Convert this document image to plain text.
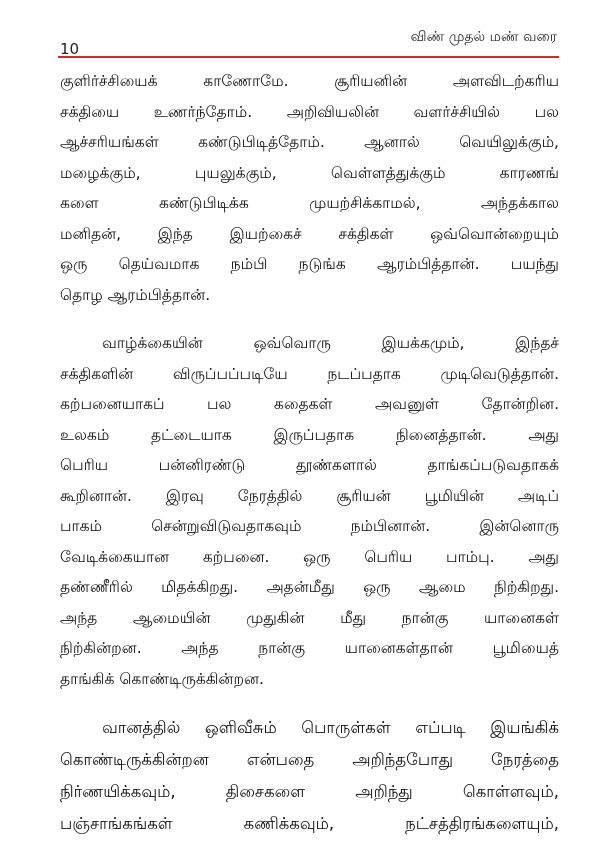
10
விண் முதல் மண் வரை
குளிர்ச்சியைக் காணோமே. சூரியனின் அளவிடற்கரிய
சக்தியை உணர்ந்தோம். அறிவியலின் வளர்ச்சியில் பல
ஆச்சரியங்கள் கண்டுபிடித்தோம். ஆனால் வெயிலுக்கும்,
மழைக்கும், புயலுக்கும், வெள்ளத்துக்கும் காரணங்
களை கண்டுபிடிக்க முயற்சிக்காமல், அந்தக்கால
மனிதன், இந்த இயற்கைச் சக்திகள் ஒவ்வொன்றையும்
ஒரு தெய்வமாக நம்பி நடுங்க ஆரம்பித்தான். பயந்து
தொழ ஆரம்பித்தான்.
வாழ்க்கையின் ஒவ்வொரு இயக்கமும், இந்தச்
சக்திகளின் விருப்பப்படியே நடப்பதாக முடிவெடுத்தான்.
கற்பனையாகப் பல கதைகள் அவனுள் தோன்றின.
உலகம் தட்டையாக இருப்பதாக நினைத்தான். அது
பெரிய பன்னிரண்டு தூண்களால் தாங்கப்படுவதாகக்
கூறினான். இரவு நேரத்தில் சூரியன் பூமியின் அடிப்
பாகம் சென்றுவிடுவதாகவும் நம்பினான். இன்னொரு
வேடிக்கையான கற்பனை. ஒரு பெரிய பாம்பு. அது
தண்ணீரில் மிதக்கிறது. அதன்மீது ஒரு ஆமை நிற்கிறது.
அந்த ஆமையின் முதுகின் மீது நான்கு யானைகள்
நிற்கின்றன. அந்த நான்கு யானைகள்தான் பூமியைத்
தாங்கிக் கொண்டிருக்கின்றன.
வானத்தில் ஒளிவீசும் பொருள்கள் எப்படி இயங்கிக்
கொண்டிருக்கின்றன என்பதை அறிந்தபோது நேரத்தை
நிர்ணயிக்கவும், திசைகளை அறிந்து கொள்ளவும்,
பஞ்சாங்கங்கள் கணிக்கவும், நட்சத்திரங்களையும்,
